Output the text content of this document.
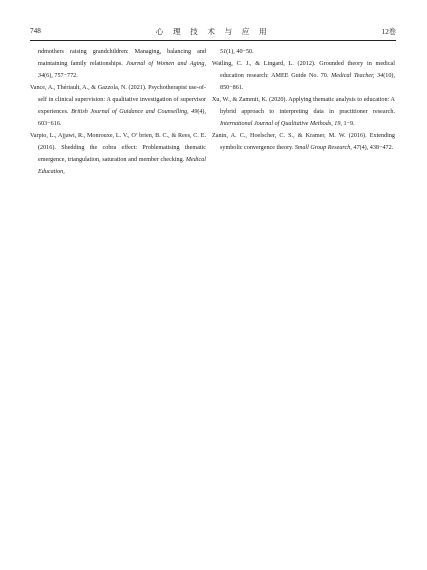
748	心 理 技 术 与 应 用	12卷
ndmothers raising grandchildren: Managing, balancing and maintaining family relationships. Journal of Women and Aging, 34(6), 757−772.
Vance, A., Thériault, A., & Gazzola, N. (2021). Psychotherapist use-of-self in clinical supervision: A qualitative investigation of supervisor experiences. British Journal of Guidance and Counselling, 49(4), 603−616.
Varpio, L., Ajjawi, R., Monrouxe, L. V., O’ brien, B. C., & Rees, C. E. (2016). Shedding the cobra effect: Problematising thematic emergence, triangulation, saturation and member checking. Medical Education,
51(1), 40−50.
Watling, C. J., & Lingard, L. (2012). Grounded theory in medical education research: AMEE Guide No. 70. Medical Teacher, 34(10), 850−861.
Xu, W., & Zammit, K. (2020). Applying thematic analysis to education: A hybrid approach to interpreting data in practitioner research. International Journal of Qualitative Methods, 19, 1−9.
Zanin, A. C., Hoelscher, C. S., & Kramer, M. W. (2016). Extending symbolic convergence theory. Small Group Research, 47(4), 438−472.
